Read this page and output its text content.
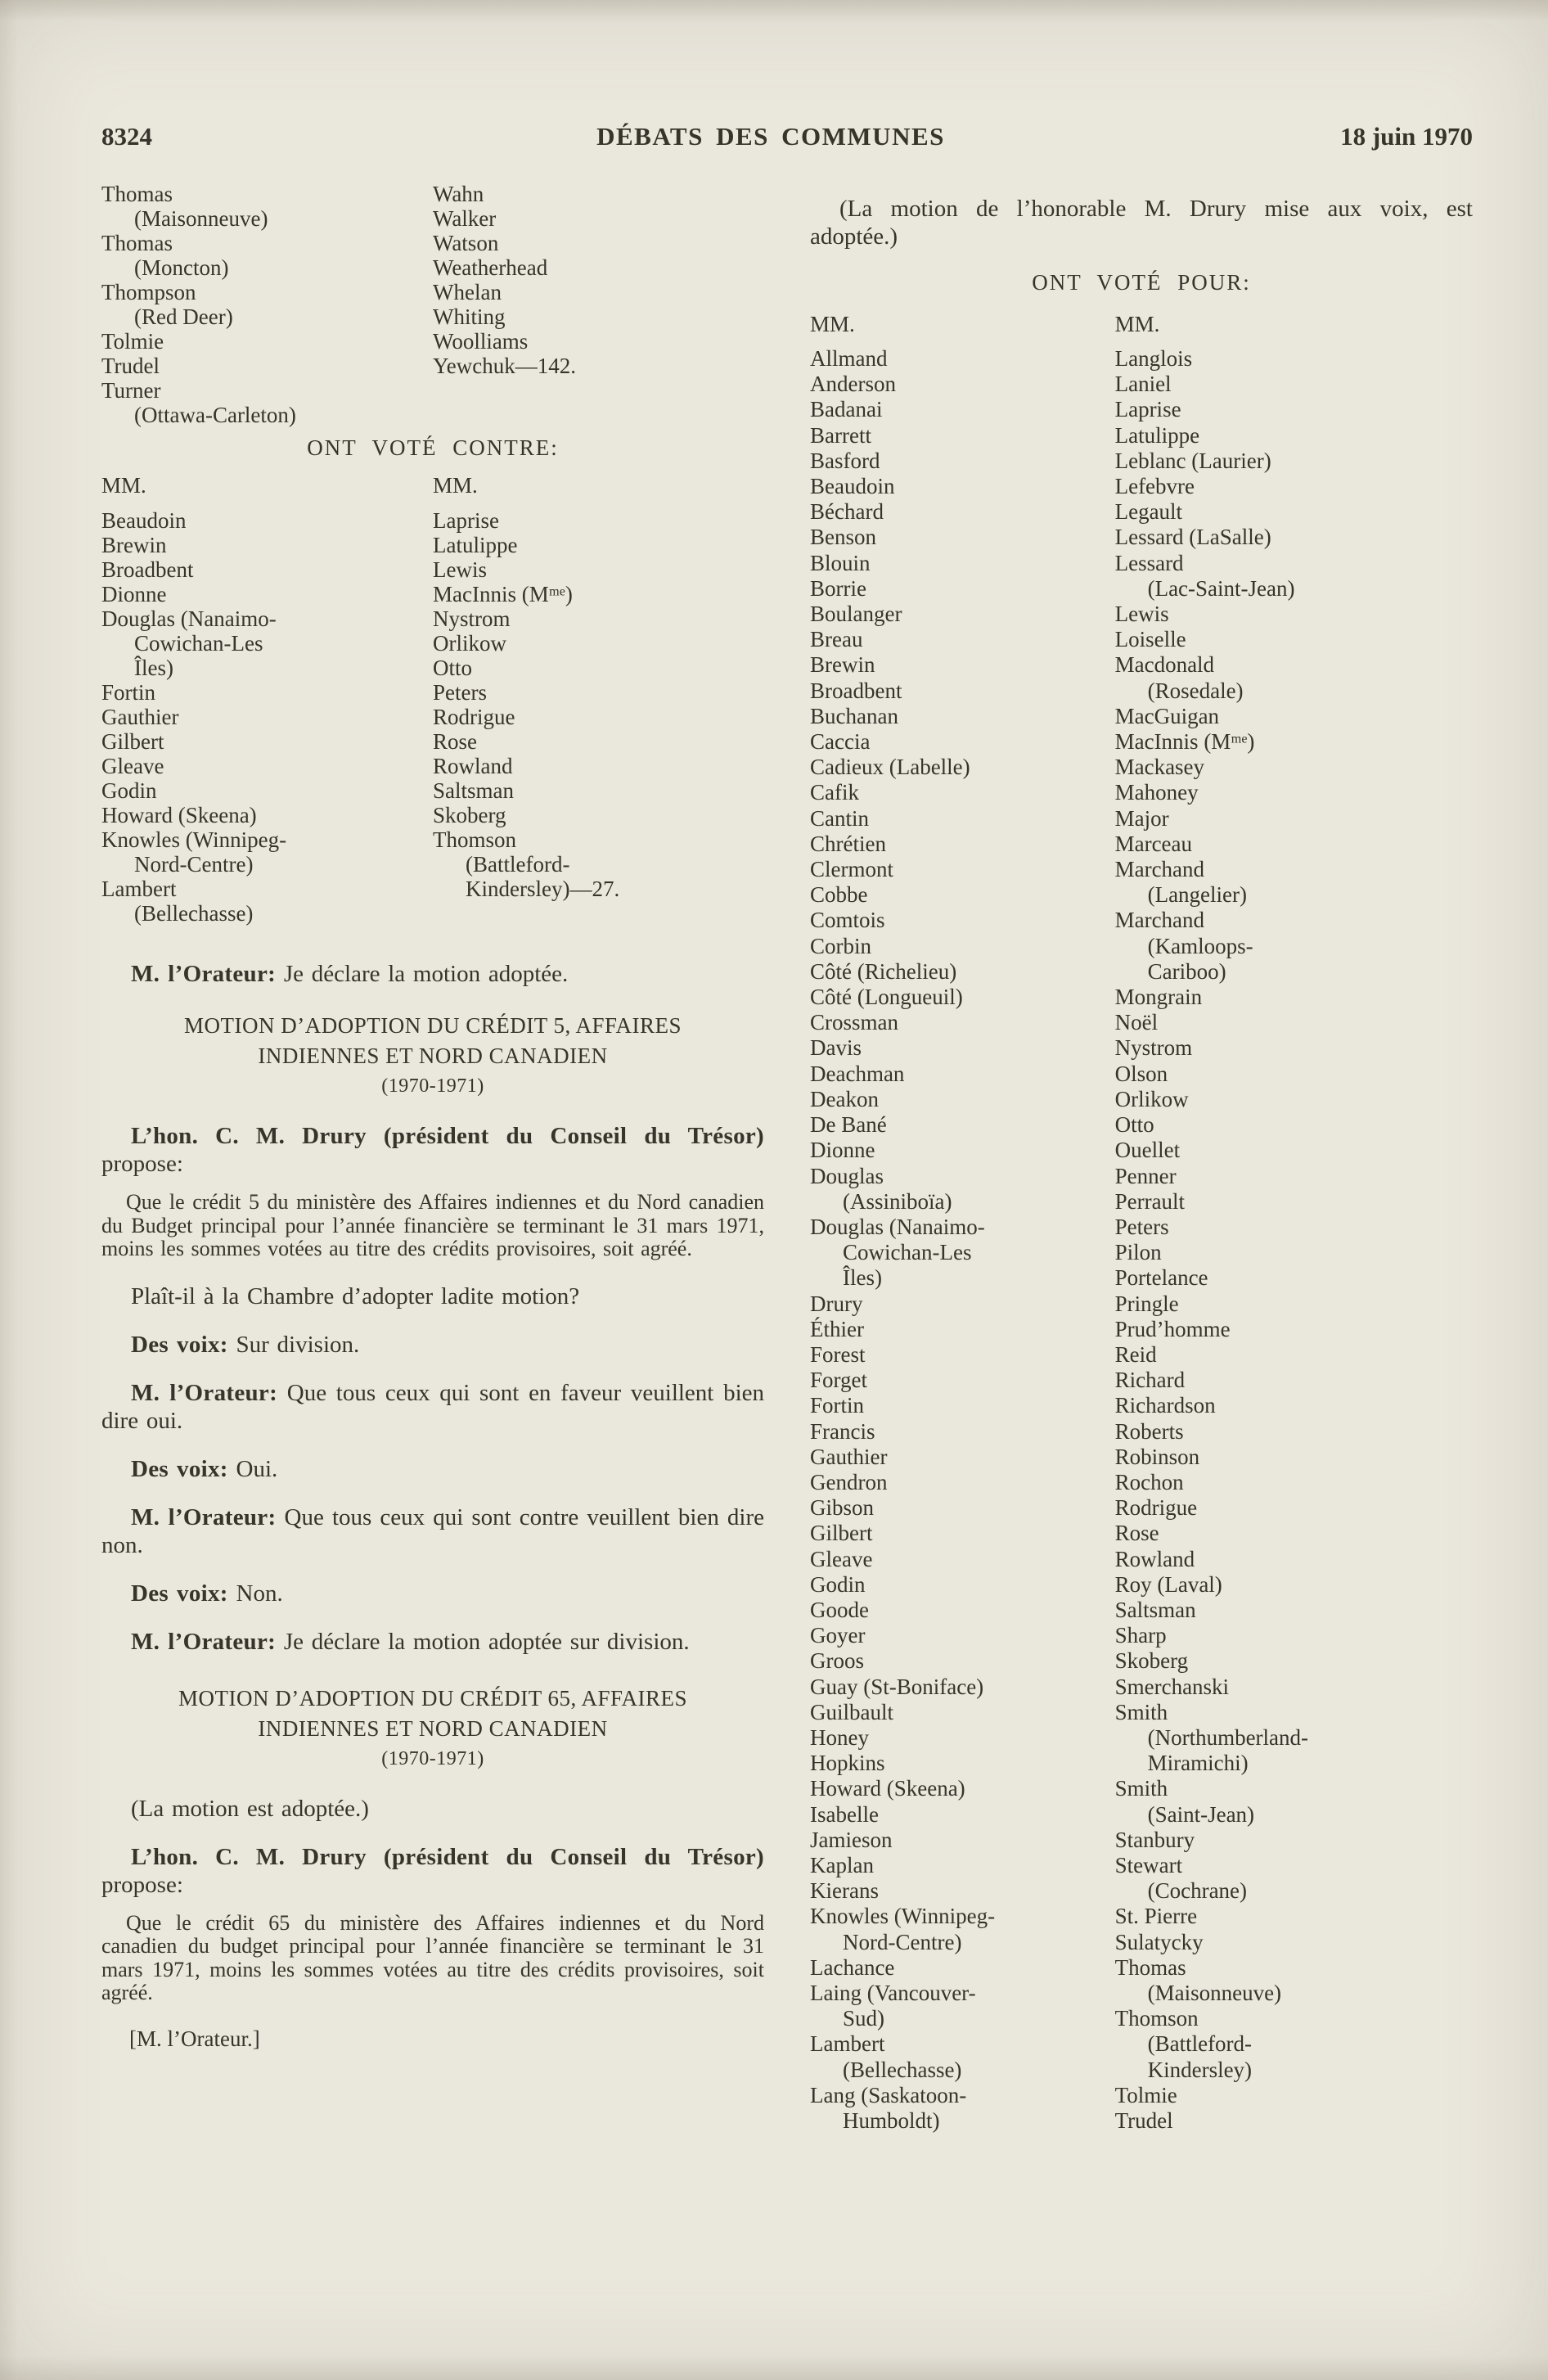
8324	DÉBATS DES COMMUNES	18 juin 1970
Thomas
(Maisonneuve)
Thomas
(Moncton)
Thompson
(Red Deer)
Tolmie
Trudel
Turner
(Ottawa-Carleton)
Wahn
Walker
Watson
Weatherhead
Whelan
Whiting
Woolliams
Yewchuk—142.
ONT VOTÉ CONTRE:
MM.	MM.
Beaudoin
Brewin
Broadbent
Dionne
Douglas (Nanaimo-
Cowichan-Les
Îles)
Fortin
Gauthier
Gilbert
Gleave
Godin
Howard (Skeena)
Knowles (Winnipeg-
Nord-Centre)
Lambert
(Bellechasse)
Laprise
Latulippe
Lewis
MacInnis (Mᵐᵉ)
Nystrom
Orlikow
Otto
Peters
Rodrigue
Rose
Rowland
Saltsman
Skoberg
Thomson
(Battleford-
Kindersley)—27.

M. l’Orateur: Je déclare la motion adoptée.

MOTION D’ADOPTION DU CRÉDIT 5, AFFAIRES
INDIENNES ET NORD CANADIEN
(1970-1971)

L’hon. C. M. Drury (président du Conseil du Trésor) propose:

Que le crédit 5 du ministère des Affaires indiennes et du Nord canadien du Budget principal pour l’année financière se terminant le 31 mars 1971, moins les sommes votées au titre des crédits provisoires, soit agréé.

Plaît-il à la Chambre d’adopter ladite motion?

Des voix: Sur division.

M. l’Orateur: Que tous ceux qui sont en faveur veuillent bien dire oui.

Des voix: Oui.

M. l’Orateur: Que tous ceux qui sont contre veuillent bien dire non.

Des voix: Non.

M. l’Orateur: Je déclare la motion adoptée sur division.

MOTION D’ADOPTION DU CRÉDIT 65, AFFAIRES
INDIENNES ET NORD CANADIEN
(1970-1971)

(La motion est adoptée.)

L’hon. C. M. Drury (président du Conseil du Trésor) propose:

Que le crédit 65 du ministère des Affaires indiennes et du Nord canadien du budget principal pour l’année financière se terminant le 31 mars 1971, moins les sommes votées au titre des crédits provisoires, soit agréé.

[M. l’Orateur.]

(La motion de l’honorable M. Drury mise aux voix, est adoptée.)

ONT VOTÉ POUR:
MM.	MM.
Allmand
Anderson
Badanai
Barrett
Basford
Beaudoin
Béchard
Benson
Blouin
Borrie
Boulanger
Breau
Brewin
Broadbent
Buchanan
Caccia
Cadieux (Labelle)
Cafik
Cantin
Chrétien
Clermont
Cobbe
Comtois
Corbin
Côté (Richelieu)
Côté (Longueuil)
Crossman
Davis
Deachman
Deakon
De Bané
Dionne
Douglas
(Assiniboïa)
Douglas (Nanaimo-
Cowichan-Les
Îles)
Drury
Éthier
Forest
Forget
Fortin
Francis
Gauthier
Gendron
Gibson
Gilbert
Gleave
Godin
Goode
Goyer
Groos
Guay (St-Boniface)
Guilbault
Honey
Hopkins
Howard (Skeena)
Isabelle
Jamieson
Kaplan
Kierans
Knowles (Winnipeg-
Nord-Centre)
Lachance
Laing (Vancouver-
Sud)
Lambert
(Bellechasse)
Lang (Saskatoon-
Humboldt)
Langlois
Laniel
Laprise
Latulippe
Leblanc (Laurier)
Lefebvre
Legault
Lessard (LaSalle)
Lessard
(Lac-Saint-Jean)
Lewis
Loiselle
Macdonald
(Rosedale)
MacGuigan
MacInnis (Mᵐᵉ)
Mackasey
Mahoney
Major
Marceau
Marchand
(Langelier)
Marchand
(Kamloops-
Cariboo)
Mongrain
Noël
Nystrom
Olson
Orlikow
Otto
Ouellet
Penner
Perrault
Peters
Pilon
Portelance
Pringle
Prud’homme
Reid
Richard
Richardson
Roberts
Robinson
Rochon
Rodrigue
Rose
Rowland
Roy (Laval)
Saltsman
Sharp
Skoberg
Smerchanski
Smith
(Northumberland-
Miramichi)
Smith
(Saint-Jean)
Stanbury
Stewart
(Cochrane)
St. Pierre
Sulatycky
Thomas
(Maisonneuve)
Thomson
(Battleford-
Kindersley)
Tolmie
Trudel
